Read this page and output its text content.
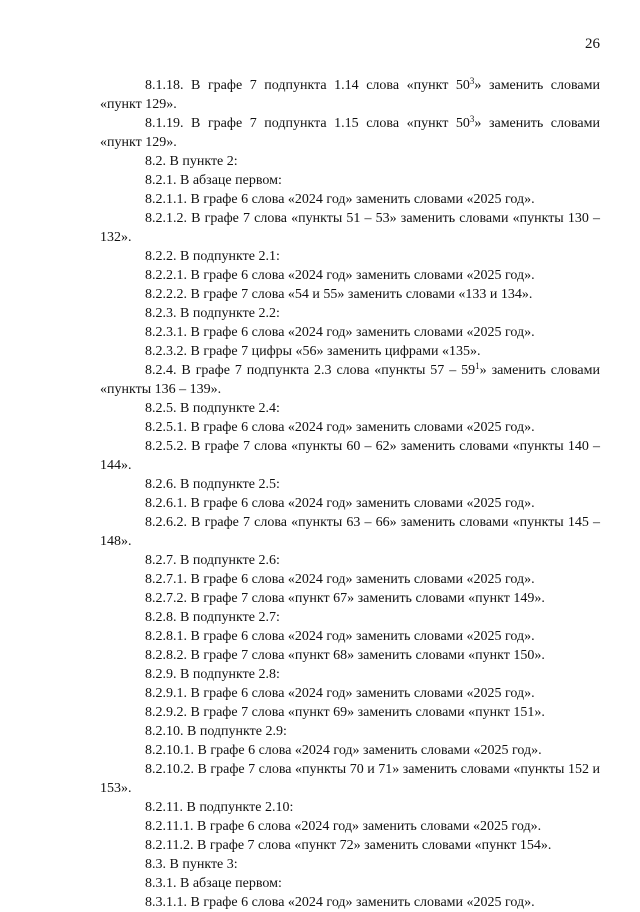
26

8.1.18. В графе 7 подпункта 1.14 слова «пункт $50^3$» заменить словами «пункт 129».

8.1.19. В графе 7 подпункта 1.15 слова «пункт $50^3$» заменить словами «пункт 129».

8.2. В пункте 2:

8.2.1. В абзаце первом:

8.2.1.1. В графе 6 слова «2024 год» заменить словами «2025 год».

8.2.1.2. В графе 7 слова «пункты 51 – 53» заменить словами «пункты 130 – 132».

8.2.2. В подпункте 2.1:

8.2.2.1. В графе 6 слова «2024 год» заменить словами «2025 год».

8.2.2.2. В графе 7 слова «54 и 55» заменить словами «133 и 134».

8.2.3. В подпункте 2.2:

8.2.3.1. В графе 6 слова «2024 год» заменить словами «2025 год».

8.2.3.2. В графе 7 цифры «56» заменить цифрами «135».

8.2.4. В графе 7 подпункта 2.3 слова «пункты $57 - 59^1$» заменить словами «пункты 136 – 139».

8.2.5. В подпункте 2.4:

8.2.5.1. В графе 6 слова «2024 год» заменить словами «2025 год».

8.2.5.2. В графе 7 слова «пункты 60 – 62» заменить словами «пункты 140 – 144».

8.2.6. В подпункте 2.5:

8.2.6.1. В графе 6 слова «2024 год» заменить словами «2025 год».

8.2.6.2. В графе 7 слова «пункты 63 – 66» заменить словами «пункты 145 – 148».

8.2.7. В подпункте 2.6:

8.2.7.1. В графе 6 слова «2024 год» заменить словами «2025 год».

8.2.7.2. В графе 7 слова «пункт 67» заменить словами «пункт 149».

8.2.8. В подпункте 2.7:

8.2.8.1. В графе 6 слова «2024 год» заменить словами «2025 год».

8.2.8.2. В графе 7 слова «пункт 68» заменить словами «пункт 150».

8.2.9. В подпункте 2.8:

8.2.9.1. В графе 6 слова «2024 год» заменить словами «2025 год».

8.2.9.2. В графе 7 слова «пункт 69» заменить словами «пункт 151».

8.2.10. В подпункте 2.9:

8.2.10.1. В графе 6 слова «2024 год» заменить словами «2025 год».

8.2.10.2. В графе 7 слова «пункты 70 и 71» заменить словами «пункты 152 и 153».

8.2.11. В подпункте 2.10:

8.2.11.1. В графе 6 слова «2024 год» заменить словами «2025 год».

8.2.11.2. В графе 7 слова «пункт 72» заменить словами «пункт 154».

8.3. В пункте 3:

8.3.1. В абзаце первом:

8.3.1.1. В графе 6 слова «2024 год» заменить словами «2025 год».
